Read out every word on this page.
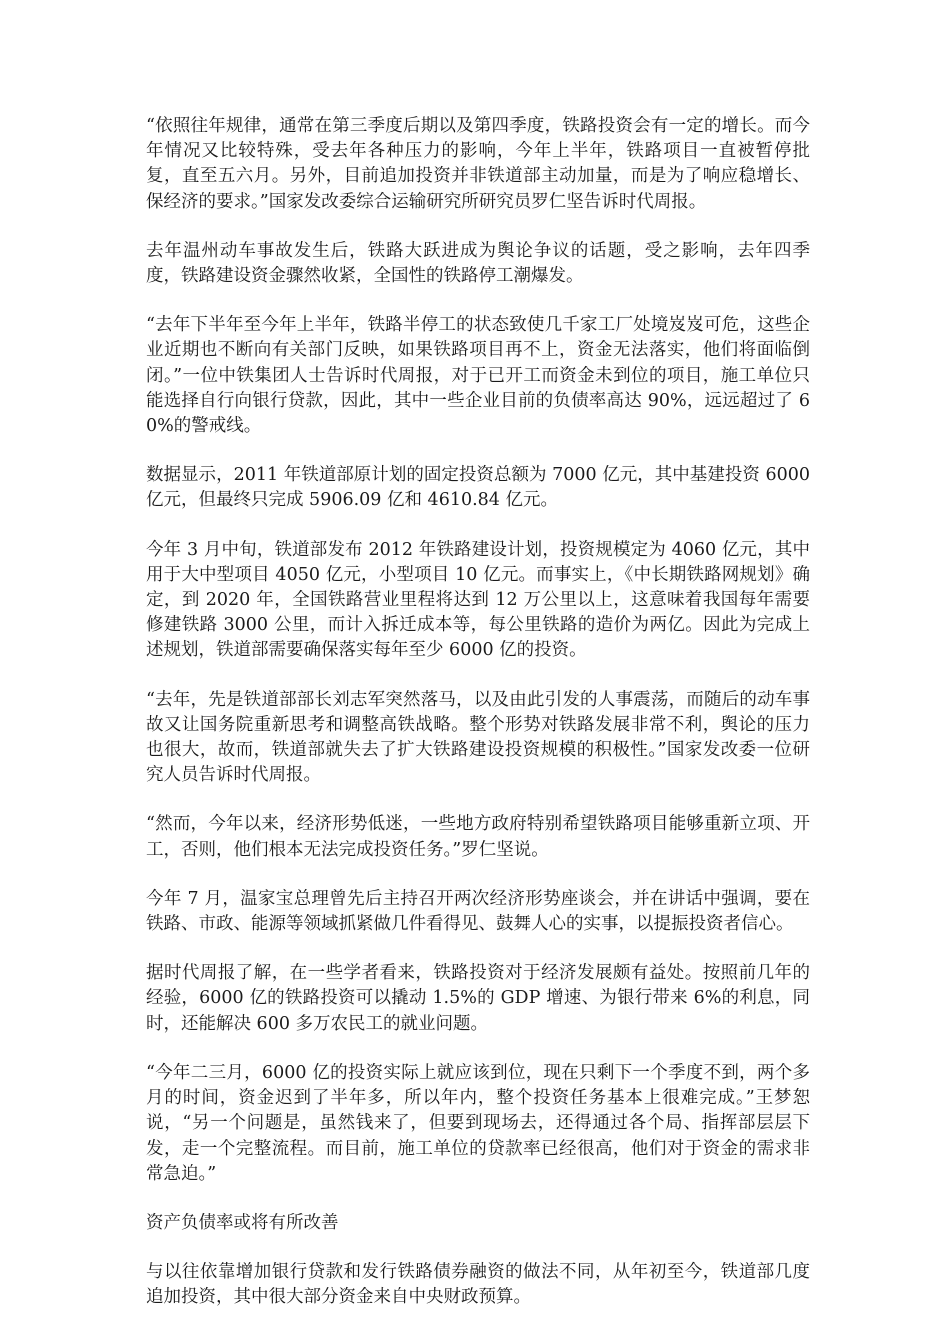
“依照往年规律，通常在第三季度后期以及第四季度，铁路投资会有一定的增长。而今年情况又比较特殊，受去年各种压力的影响，今年上半年，铁路项目一直被暂停批复，直至五六月。另外，目前追加投资并非铁道部主动加量，而是为了响应稳增长、保经济的要求。”国家发改委综合运输研究所研究员罗仁坚告诉时代周报。

去年温州动车事故发生后，铁路大跃进成为舆论争议的话题，受之影响，去年四季度，铁路建设资金骤然收紧，全国性的铁路停工潮爆发。

“去年下半年至今年上半年，铁路半停工的状态致使几千家工厂处境岌岌可危，这些企业近期也不断向有关部门反映，如果铁路项目再不上，资金无法落实，他们将面临倒闭。”一位中铁集团人士告诉时代周报，对于已开工而资金未到位的项目，施工单位只能选择自行向银行贷款，因此，其中一些企业目前的负债率高达 90%，远远超过了 60%的警戒线。

数据显示，2011 年铁道部原计划的固定投资总额为 7000 亿元，其中基建投资 6000 亿元，但最终只完成 5906.09 亿和 4610.84 亿元。

今年 3 月中旬，铁道部发布 2012 年铁路建设计划，投资规模定为 4060 亿元，其中用于大中型项目 4050 亿元，小型项目 10 亿元。而事实上，《中长期铁路网规划》确定，到 2020 年，全国铁路营业里程将达到 12 万公里以上，这意味着我国每年需要修建铁路 3000 公里，而计入拆迁成本等，每公里铁路的造价为两亿。因此为完成上述规划，铁道部需要确保落实每年至少 6000 亿的投资。

“去年，先是铁道部部长刘志军突然落马，以及由此引发的人事震荡，而随后的动车事故又让国务院重新思考和调整高铁战略。整个形势对铁路发展非常不利，舆论的压力也很大，故而，铁道部就失去了扩大铁路建设投资规模的积极性。”国家发改委一位研究人员告诉时代周报。

“然而，今年以来，经济形势低迷，一些地方政府特别希望铁路项目能够重新立项、开工，否则，他们根本无法完成投资任务。”罗仁坚说。

今年 7 月，温家宝总理曾先后主持召开两次经济形势座谈会，并在讲话中强调，要在铁路、市政、能源等领域抓紧做几件看得见、鼓舞人心的实事，以提振投资者信心。

据时代周报了解，在一些学者看来，铁路投资对于经济发展颇有益处。按照前几年的经验，6000 亿的铁路投资可以撬动 1.5%的 GDP 增速、为银行带来 6%的利息，同时，还能解决 600 多万农民工的就业问题。

“今年二三月，6000 亿的投资实际上就应该到位，现在只剩下一个季度不到，两个多月的时间，资金迟到了半年多，所以年内，整个投资任务基本上很难完成。”王梦恕说，“另一个问题是，虽然钱来了，但要到现场去，还得通过各个局、指挥部层层下发，走一个完整流程。而目前，施工单位的贷款率已经很高，他们对于资金的需求非常急迫。”

资产负债率或将有所改善

与以往依靠增加银行贷款和发行铁路债券融资的做法不同，从年初至今，铁道部几度追加投资，其中很大部分资金来自中央财政预算。
